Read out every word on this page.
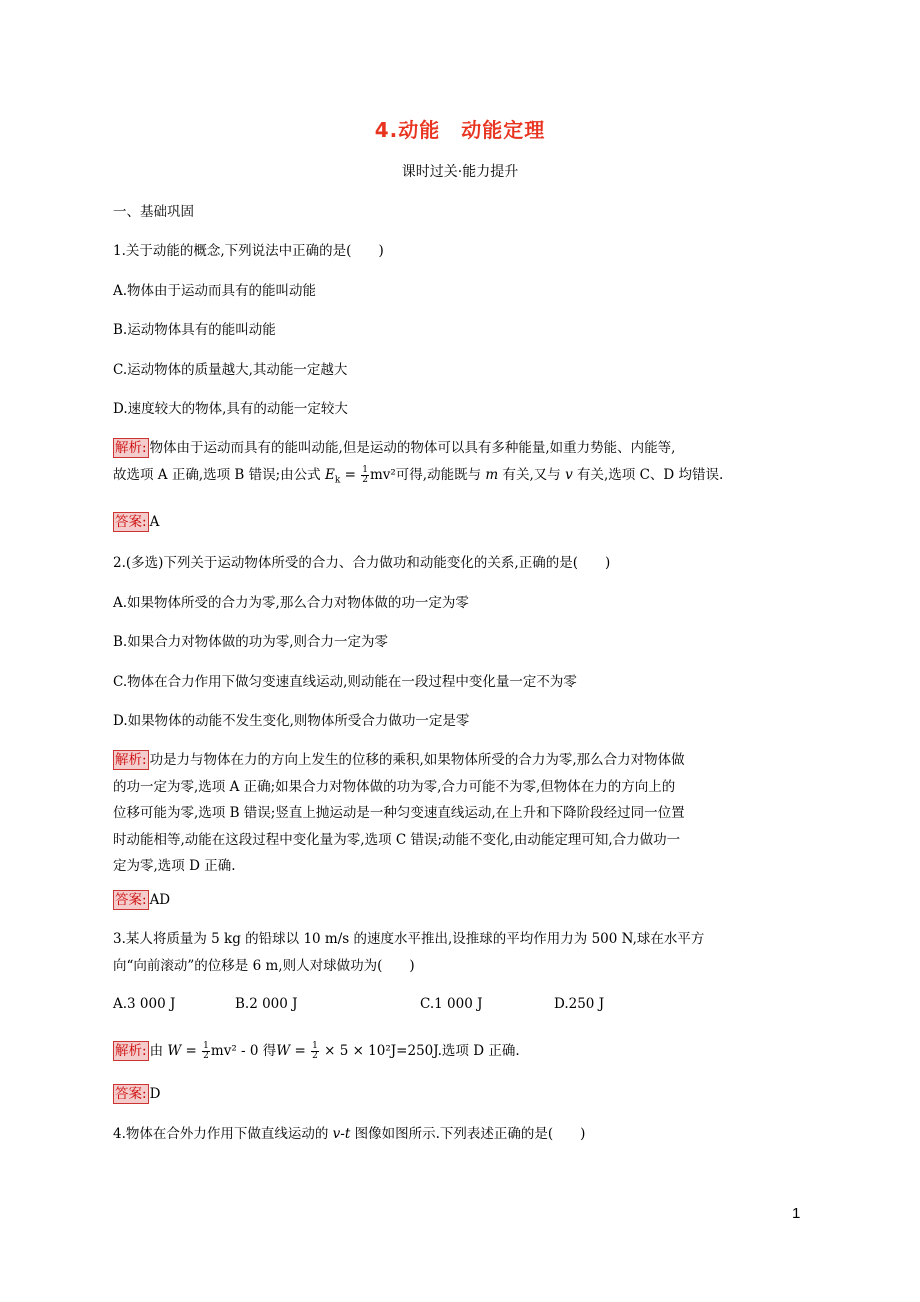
4.动能　动能定理
课时过关·能力提升
一、基础巩固
1.关于动能的概念,下列说法中正确的是(　　)
A.物体由于运动而具有的能叫动能
B.运动物体具有的能叫动能
C.运动物体的质量越大,其动能一定越大
D.速度较大的物体,具有的动能一定较大
解析: 物体由于运动而具有的能叫动能,但是运动的物体可以具有多种能量,如重力势能、内能等,
故选项 A 正确,选项 B 错误;由公式 $E_k = \frac{1}{2} mv^2$可得,动能既与 m 有关,又与 v 有关,选项 C、D 均错误.
答案: A
2.(多选)下列关于运动物体所受的合力、合力做功和动能变化的关系,正确的是(　　)
A.如果物体所受的合力为零,那么合力对物体做的功一定为零
B.如果合力对物体做的功为零,则合力一定为零
C.物体在合力作用下做匀变速直线运动,则动能在一段过程中变化量一定不为零
D.如果物体的动能不发生变化,则物体所受合力做功一定是零
解析: 功是力与物体在力的方向上发生的位移的乘积,如果物体所受的合力为零,那么合力对物体做
的功一定为零,选项 A 正确;如果合力对物体做的功为零,合力可能不为零,但物体在力的方向上的
位移可能为零,选项 B 错误;竖直上抛运动是一种匀变速直线运动,在上升和下降阶段经过同一位置
时动能相等,动能在这段过程中变化量为零,选项 C 错误;动能不变化,由动能定理可知,合力做功一
定为零,选项 D 正确.
答案: AD
3.某人将质量为 5 kg 的铅球以 10 m/s 的速度水平推出,设推球的平均作用力为 500 N,球在水平方
向“向前滚动”的位移是 6 m,则人对球做功为(　　)
A.3 000 J	B.2 000 J	C.1 000 J	D.250 J
解析: 由 $W = \frac{1}{2} mv^2 - 0$ 得$W = \frac{1}{2} \times 5 \times 10^2J=250J$.选项 D 正确.
答案: D
4.物体在合外力作用下做直线运动的 v-t 图像如图所示.下列表述正确的是(　　)
1
